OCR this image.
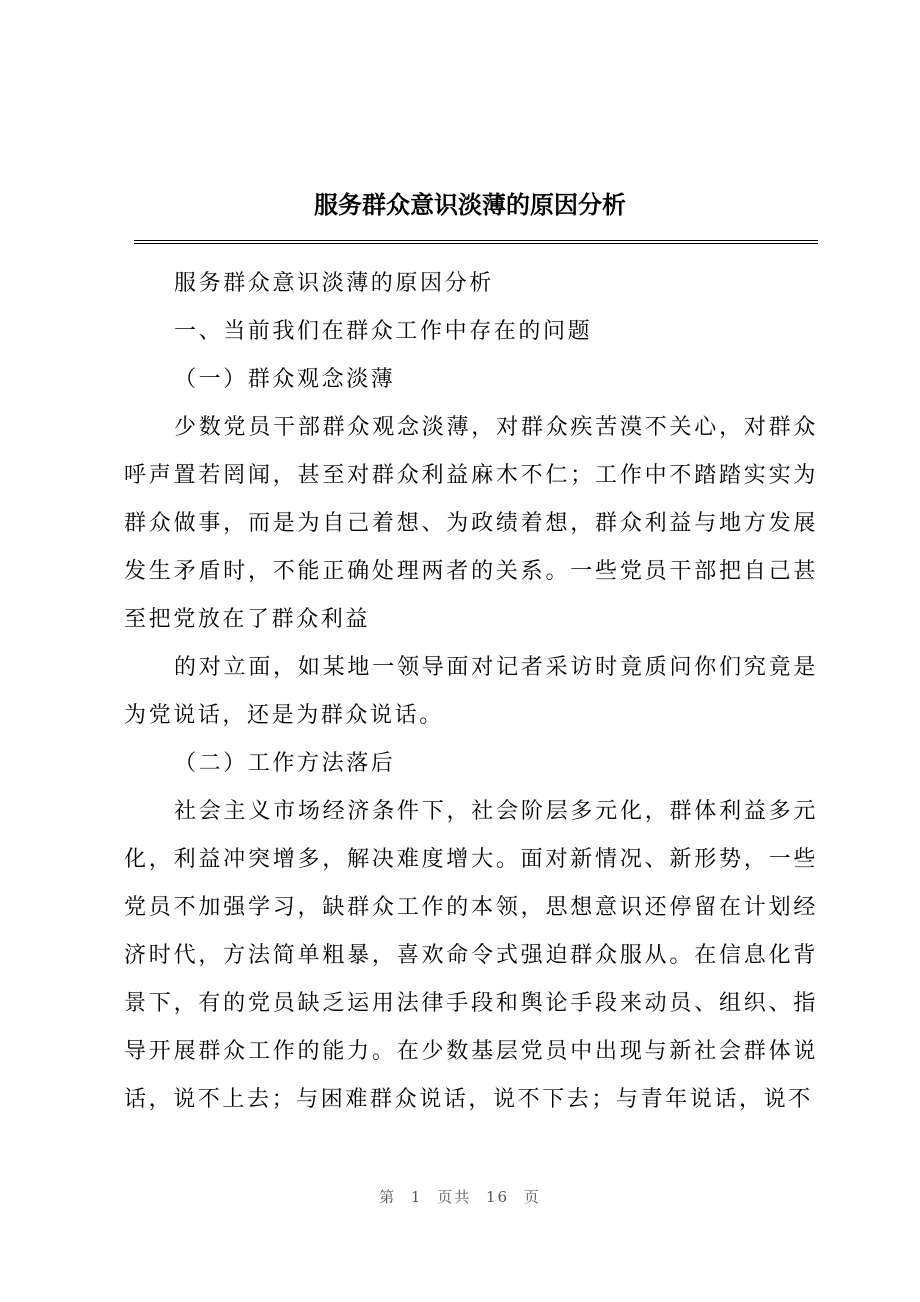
服务群众意识淡薄的原因分析

服务群众意识淡薄的原因分析

一、当前我们在群众工作中存在的问题

（一）群众观念淡薄

少数党员干部群众观念淡薄，对群众疾苦漠不关心，对群众呼声置若罔闻，甚至对群众利益麻木不仁；工作中不踏踏实实为群众做事，而是为自己着想、为政绩着想，群众利益与地方发展发生矛盾时，不能正确处理两者的关系。一些党员干部把自己甚至把党放在了群众利益

的对立面，如某地一领导面对记者采访时竟质问你们究竟是为党说话，还是为群众说话。

（二）工作方法落后

社会主义市场经济条件下，社会阶层多元化，群体利益多元化，利益冲突增多，解决难度增大。面对新情况、新形势，一些党员不加强学习，缺群众工作的本领，思想意识还停留在计划经济时代，方法简单粗暴，喜欢命令式强迫群众服从。在信息化背景下，有的党员缺乏运用法律手段和舆论手段来动员、组织、指导开展群众工作的能力。在少数基层党员中出现与新社会群体说话，说不上去；与困难群众说话，说不下去；与青年说话，说不

第 1 页共 16 页
